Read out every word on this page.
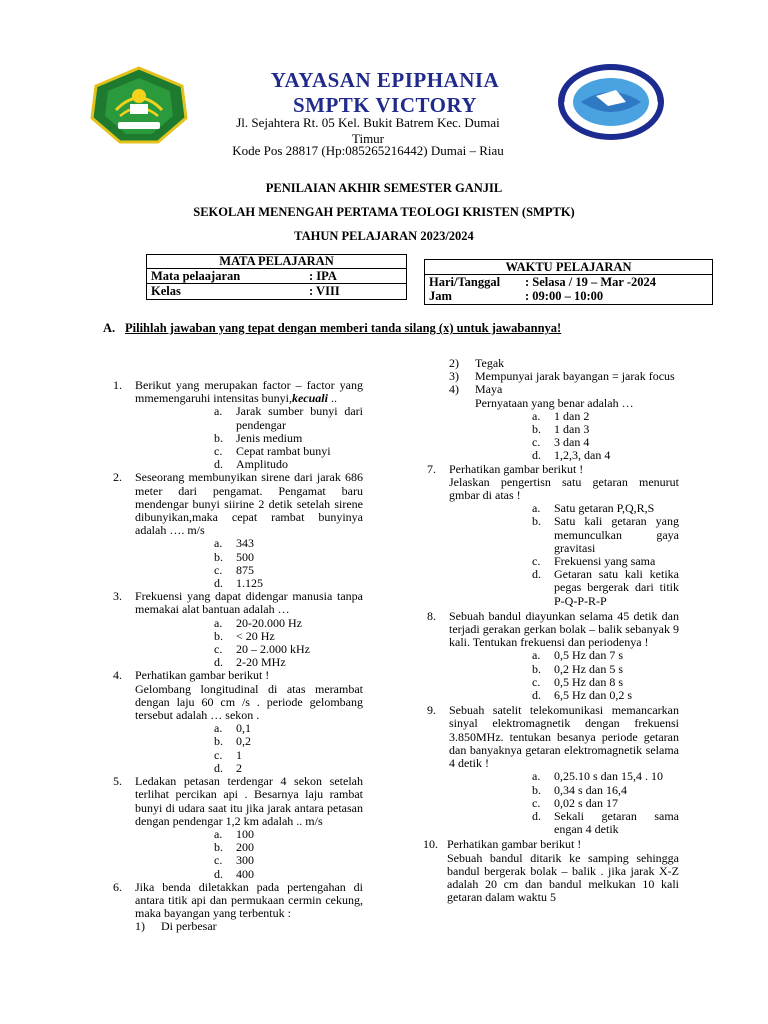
YAYASAN EPIPHANIA
SMPTK VICTORY
Jl. Sejahtera Rt. 05 Kel. Bukit Batrem Kec. Dumai
Timur
Kode Pos 28817 (Hp:085265216442) Dumai – Riau
PENILAIAN AKHIR SEMESTER GANJIL
SEKOLAH MENENGAH PERTAMA TEOLOGI KRISTEN (SMPTK)
TAHUN PELAJARAN 2023/2024
MATA PELAJARAN
Mata pelaajaran	: IPA
Kelas	: VIII
WAKTU PELAJARAN
Hari/Tanggal	: Selasa / 19 – Mar -2024
Jam	: 09:00 – 10:00
A. Pilihlah jawaban yang tepat dengan memberi tanda silang (x) untuk jawabannya!
1.	Berikut yang merupakan factor – factor yang mmemengaruhi intensitas bunyi,kecuali ..
a.	Jarak sumber bunyi dari pendengar
b.	Jenis medium
c.	Cepat rambat bunyi
d.	Amplitudo
2.	Seseorang membunyikan sirene dari jarak 686 meter dari pengamat. Pengamat baru mendengar bunyi siirine 2 detik setelah sirene dibunyikan,maka cepat rambat bunyinya adalah …. m/s
a.	343
b.	500
c.	875
d.	1.125
3.	Frekuensi yang dapat didengar manusia tanpa memakai alat bantuan adalah …
a.	20-20.000 Hz
b.	< 20 Hz
c.	20 – 2.000 kHz
d.	2-20 MHz
4.	Perhatikan gambar berikut !
Gelombang longitudinal di atas merambat dengan laju 60 cm /s . periode gelombang tersebut adalah … sekon .
a.	0,1
b.	0,2
c.	1
d.	2
5.	Ledakan petasan terdengar 4 sekon setelah terlihat percikan api . Besarnya laju rambat bunyi di udara saat itu jika jarak antara petasan dengan pendengar 1,2 km adalah .. m/s
a.	100
b.	200
c.	300
d.	400
6.	Jika benda diletakkan pada pertengahan di antara titik api dan permukaan cermin cekung, maka bayangan yang terbentuk :
1)	Di perbesar
2)	Tegak
3)	Mempunyai jarak bayangan = jarak focus
4)	Maya
Pernyataan yang benar adalah …
a.	1 dan 2
b.	1 dan 3
c.	3 dan 4
d.	1,2,3, dan 4
7.	Perhatikan gambar berikut !
Jelaskan pengertisn satu getaran menurut gmbar di atas !
a.	Satu getaran P,Q,R,S
b.	Satu kali getaran yang memunculkan gaya gravitasi
c.	Frekuensi yang sama
d.	Getaran satu kali ketika pegas bergerak dari titik P-Q-P-R-P
8.	Sebuah bandul diayunkan selama 45 detik dan terjadi gerakan gerkan bolak – balik sebanyak 9 kali. Tentukan frekuensi dan periodenya !
a.	0,5 Hz dan 7 s
b.	0,2 Hz dan 5 s
c.	0,5 Hz dan 8 s
d.	6,5 Hz dan 0,2 s
9.	Sebuah satelit telekomunikasi memancarkan sinyal elektromagnetik dengan frekuensi 3.850MHz. tentukan besanya periode getaran dan banyaknya getaran elektromagnetik selama 4 detik !
a.	0,25.10 s dan 15,4 . 10
b.	0,34 s dan 16,4
c.	0,02 s dan 17
d.	Sekali getaran sama engan 4 detik
10. Perhatikan gambar berikut !
Sebuah bandul ditarik ke samping sehingga bandul bergerak bolak – balik . jika jarak X-Z adalah 20 cm dan bandul melkukan 10 kali getaran dalam waktu 5
